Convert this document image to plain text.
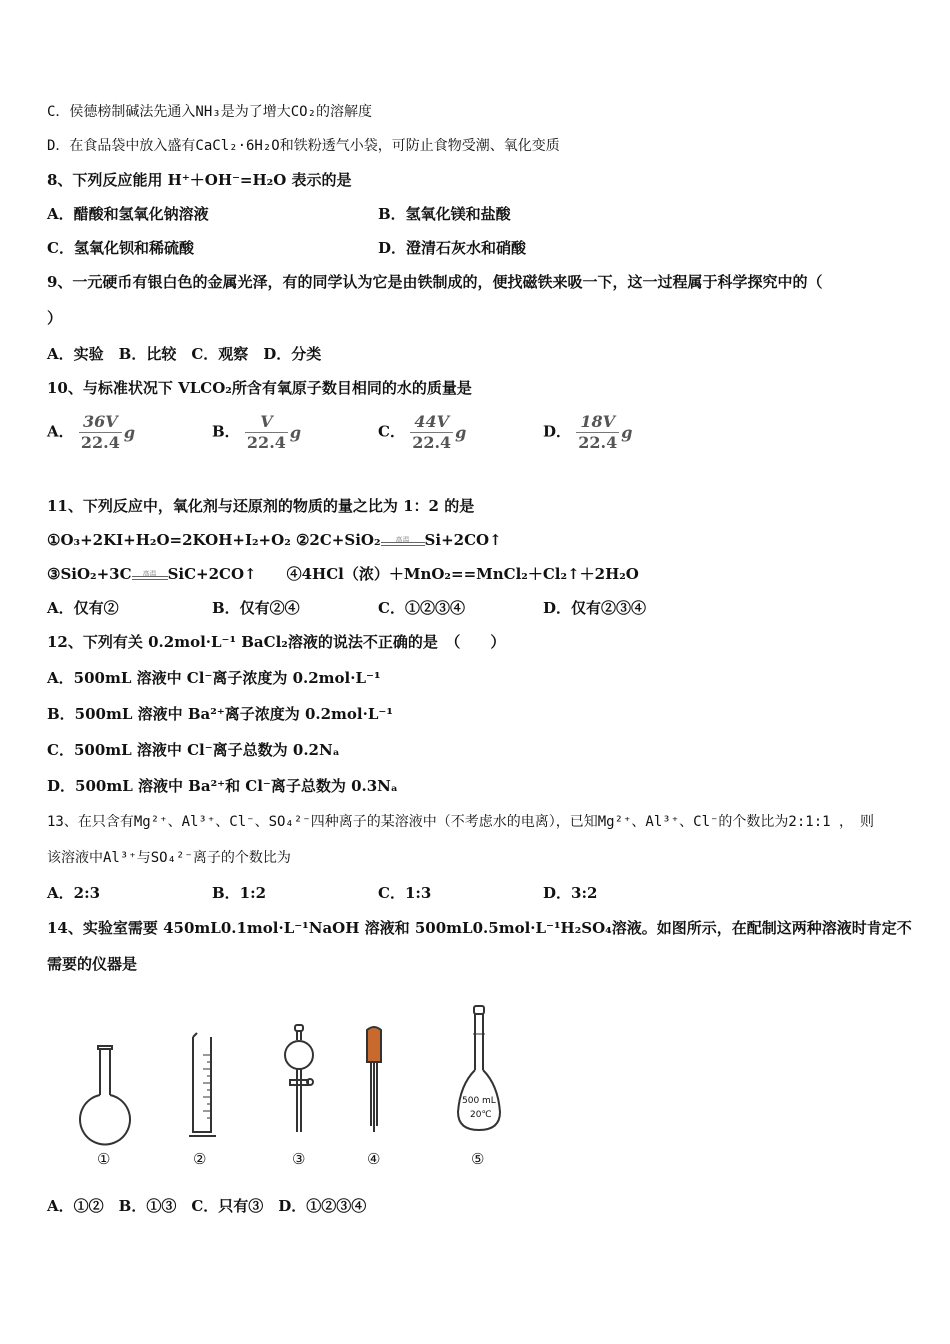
C．侯德榜制碱法先通入NH₃是为了增大CO₂的溶解度
D．在食品袋中放入盛有CaCl₂·6H₂O和铁粉透气小袋，可防止食物受潮、氧化变质
8、下列反应能用 H⁺＋OH⁻=H₂O 表示的是
A．醋酸和氢氧化钠溶液	B．氢氧化镁和盐酸
C．氢氧化钡和稀硫酸	D．澄清石灰水和硝酸
9、一元硬币有银白色的金属光泽，有的同学认为它是由铁制成的，便找磁铁来吸一下，这一过程属于科学探究中的（
）
A．实验　B．比较　C．观察　D．分类
10、与标准状况下 VLCO₂所含有氧原子数目相同的水的质量是
A． $\frac{36V}{22.4}$ g	B． $\frac{V}{22.4}$ g	C． $\frac{44V}{22.4}$ g	D． $\frac{18V}{22.4}$ g
11、下列反应中，氧化剂与还原剂的物质的量之比为 1：2 的是
①O₃+2KI+H₂O=2KOH+I₂+O₂ ②2C+SiO₂	高温	Si+2CO↑
③SiO₂+3C	高温 SiC+2CO↑　　④4HCl（浓）＋MnO₂==MnCl₂＋Cl₂↑＋2H₂O
A．仅有②	B．仅有②④	C．①②③④	D．仅有②③④
12、下列有关 0.2mol·L⁻¹ BaCl₂溶液的说法不正确的是　（　　）
A．500mL 溶液中 Cl⁻离子浓度为 0.2mol·L⁻¹
B．500mL 溶液中 Ba²⁺离子浓度为 0.2mol·L⁻¹
C．500mL 溶液中 Cl⁻离子总数为 0.2Nₐ
D．500mL 溶液中 Ba²⁺和 Cl⁻离子总数为 0.3Nₐ
13、在只含有Mg²⁺、Al³⁺、Cl⁻、SO₄²⁻四种离子的某溶液中（不考虑水的电离），已知Mg²⁺、Al³⁺、Cl⁻的个数比为2:1:1 ，　则
该溶液中Al³⁺与SO₄²⁻离子的个数比为
A．2:3	B．1:2	C．1:3	D．3:2
14、实验室需要 450mL0.1mol·L⁻¹NaOH 溶液和 500mL0.5mol·L⁻¹H₂SO₄溶液。如图所示，在配制这两种溶液时肯定不
需要的仪器是
500 mL
20℃
①	②	③	④	⑤
A．①②　B．①③　C．只有③　D．①②③④
